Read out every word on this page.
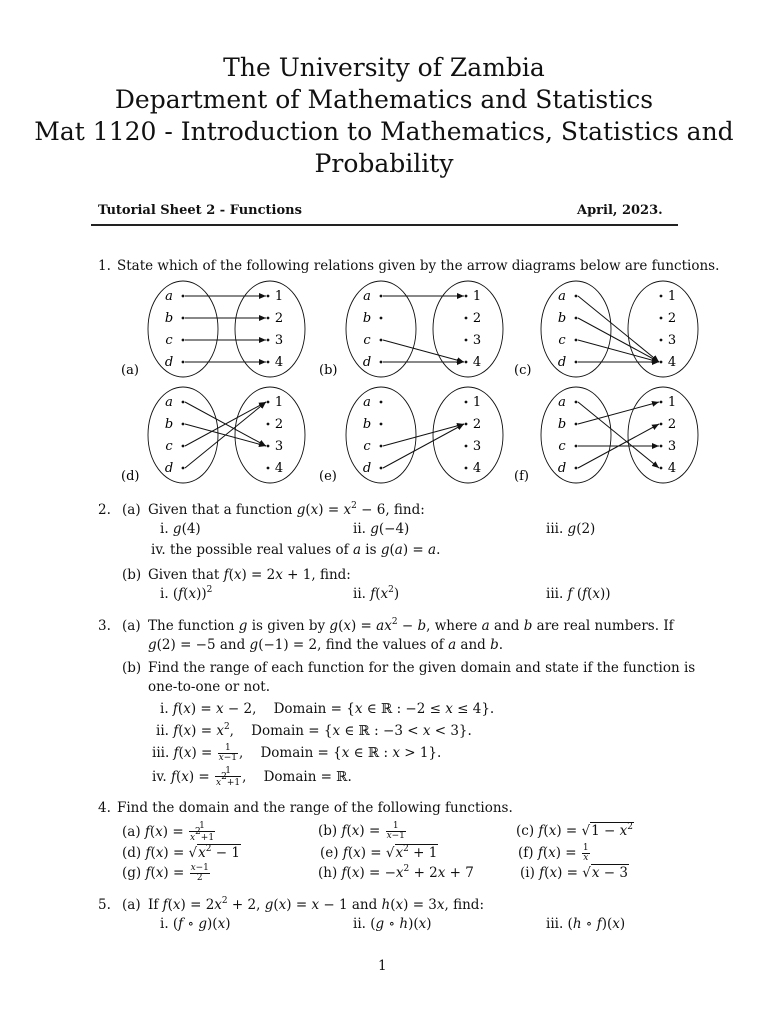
The University of Zambia
Department of Mathematics and Statistics
Mat 1120 - Introduction to Mathematics, Statistics and
Probability
Tutorial Sheet 2 - Functions	April, 2023.
1. State which of the following relations given by the arrow diagrams below are functions.
a	1
b	2
c	3
d	4
(a)
a	1
b	2
c	3
d	4
(b)
a	1
b	2
c	3
d	4
(c)
a	1
b	2
c	3
d	4
(d)
a	1
b	2
c	3
d	4
(e)
a	1
b	2
c	3
d	4
(f)
2. (a) Given that a function $g(x) = x^2 - 6$, find:
i. g(4)	ii. g(−4)	iii. g(2)
iv. the possible real values of a is g(a) = a.
(b) Given that f(x) = 2x + 1, find:
i. $(f(x))^2$	ii. $f(x^2)$	iii. f (f(x))
3. (a) The function g is given by $g(x) = ax^2 - b$, where a and b are real numbers. If
g(2) = −5 and g(−1) = 2, find the values of a and b.
(b) Find the range of each function for the given domain and state if the function is
one-to-one or not.
i. f(x) = x − 2,    Domain = {x ∈ ℝ : −2 ≤ x ≤ 4}.
ii. $f(x) = x^2$,    Domain = {x ∈ ℝ : −3 < x < 3}.
iii. $f(x) = \frac{1}{x-1}$ ,    Domain = {x ∈ ℝ : x > 1}.
iv. $f(x) = \frac{1}{x^2+1}$ ,    Domain = ℝ.
4. Find the domain and the range of the following functions.
(a) $f(x) = \frac{1}{x^2+1}$	(b) $f(x) = \frac{1}{x-1}$	(c) $f(x) = √1 - x^2$
(d) $f(x) = √x^2 - 1$	(e) $f(x) = √x^2 + 1$	(f) $f(x) = \frac{1}{x}$
(g) $f(x) = \frac{x-1}{2}$	(h) $f(x) = -x^2 + 2x + 7$	(i) f(x) = √x − 3
5. (a) If $f(x) = 2x^2 + 2$, g(x) = x − 1 and h(x) = 3x, find:
i. (f ∘ g)(x)	ii. (g ∘ h)(x)	iii. (h ∘ f)(x)
1
